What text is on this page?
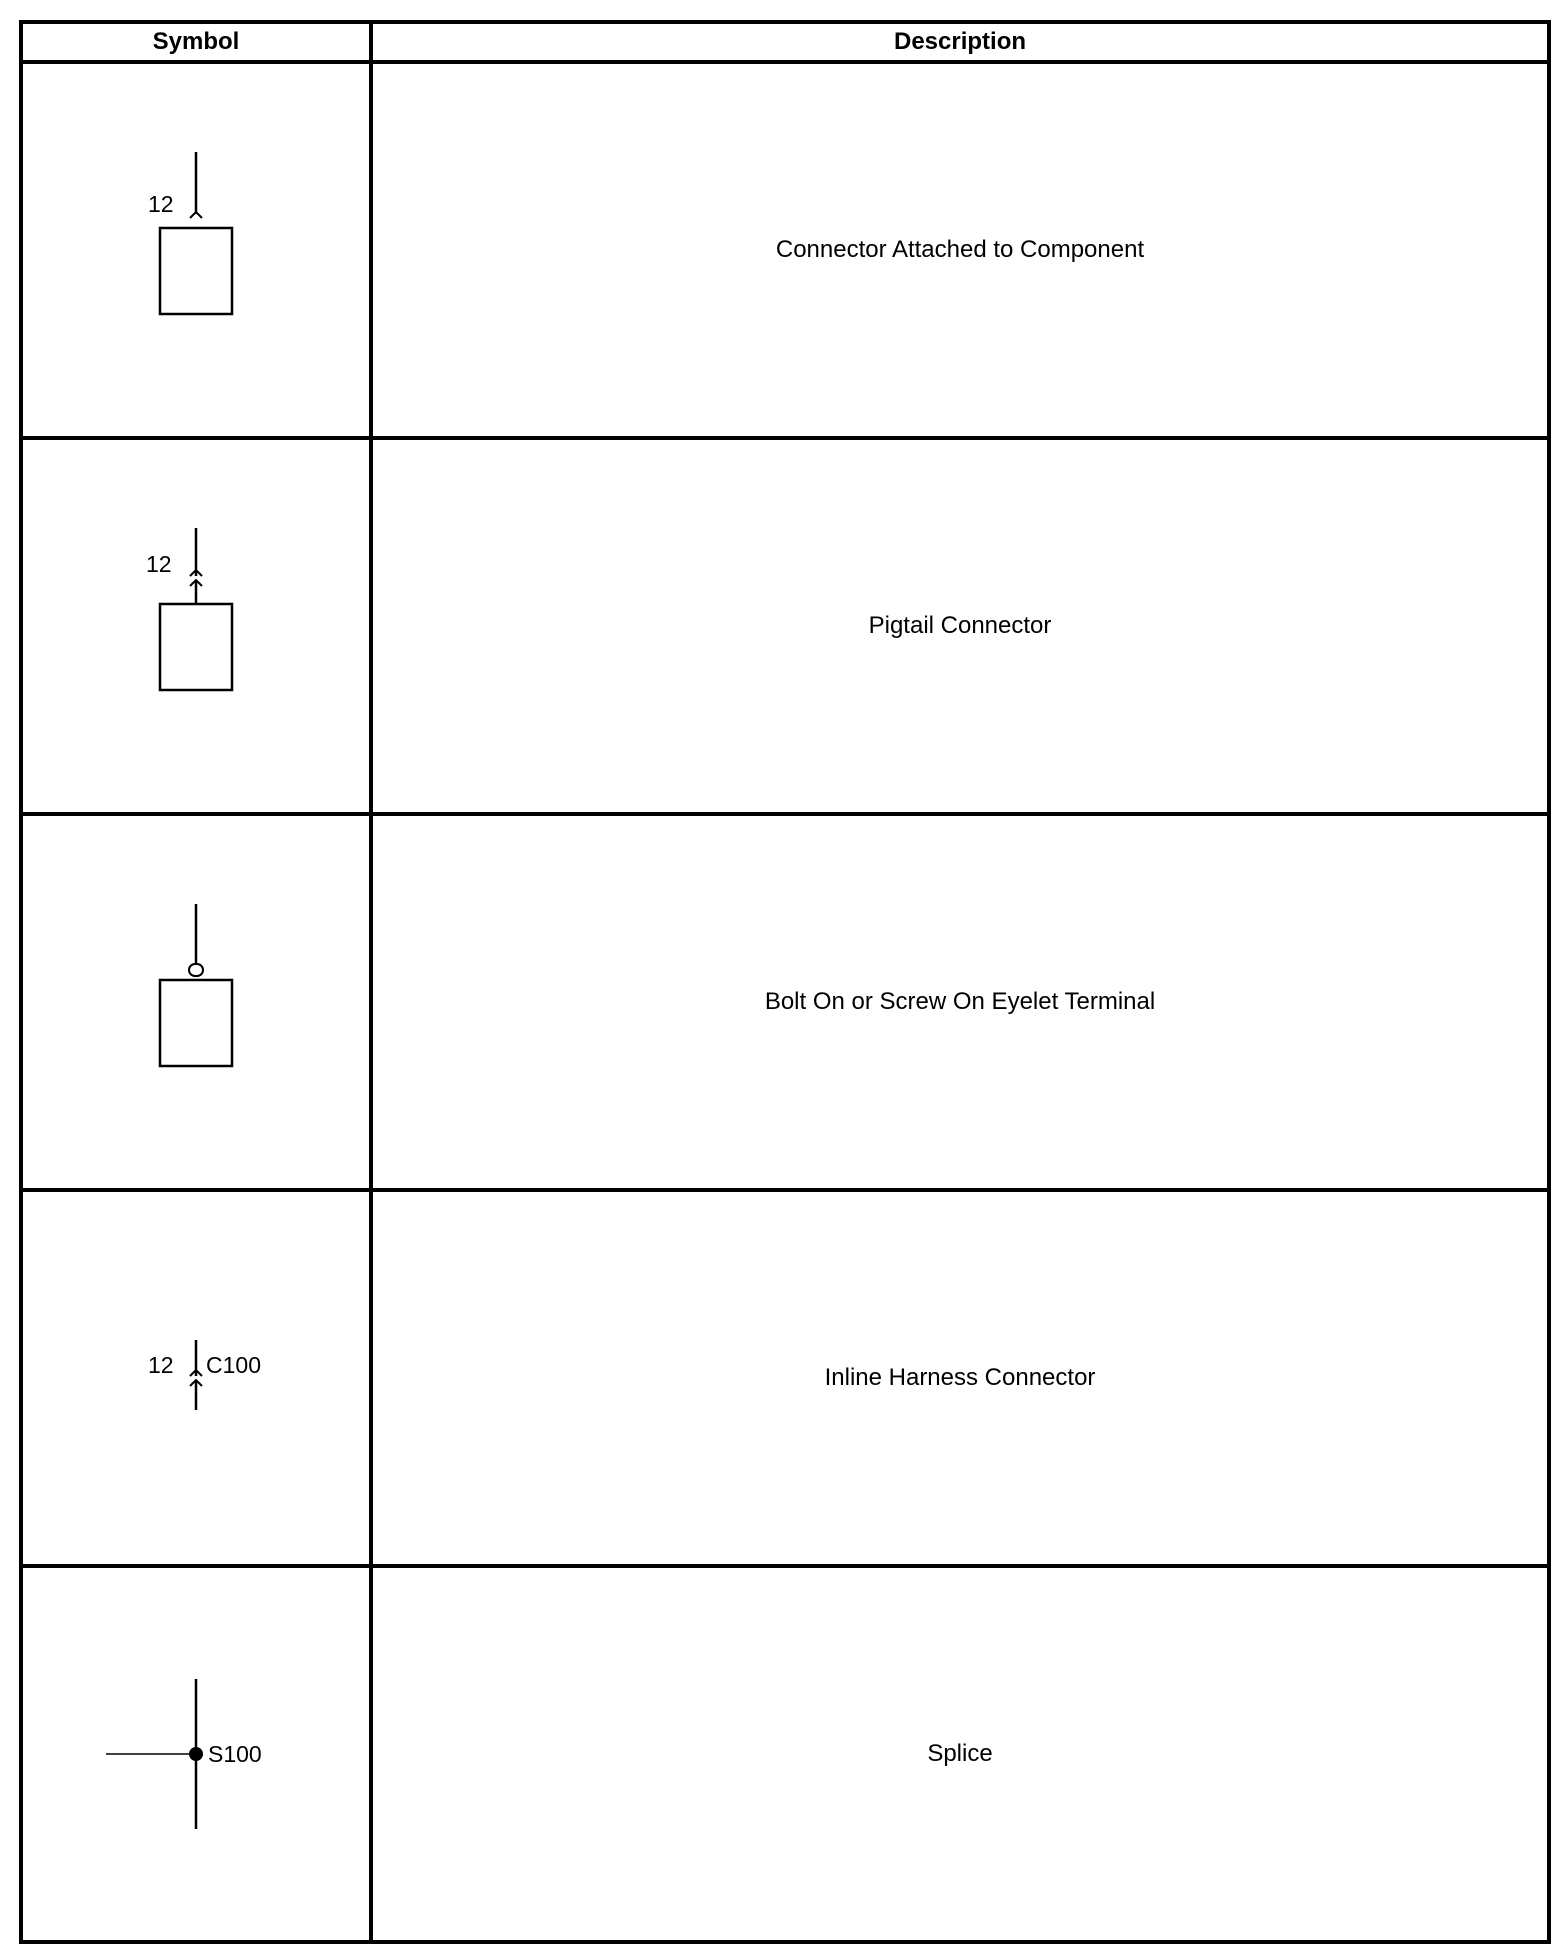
Symbol	Description

12	Connector Attached to Component

12	Pigtail Connector

	Bolt On or Screw On Eyelet Terminal

12 C100	Inline Harness Connector

S100	Splice
